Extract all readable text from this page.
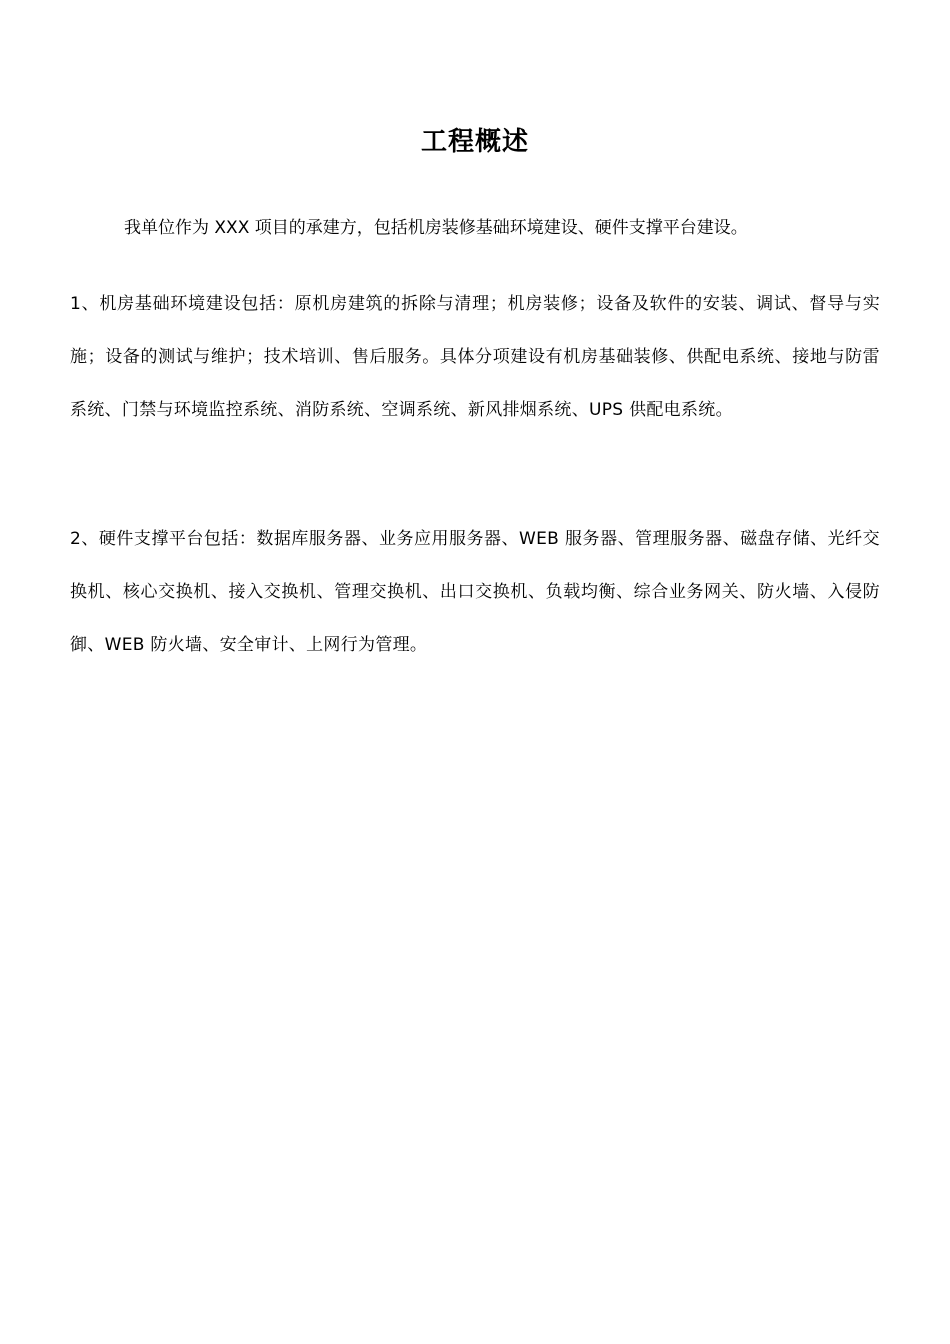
工程概述

我单位作为 XXX 项目的承建方，包括机房装修基础环境建设、硬件支撑平台建设。

1、机房基础环境建设包括：原机房建筑的拆除与清理；机房装修；设备及软件的安装、调试、督导与实施；设备的测试与维护；技术培训、售后服务。具体分项建设有机房基础装修、供配电系统、接地与防雷系统、门禁与环境监控系统、消防系统、空调系统、新风排烟系统、UPS 供配电系统。

2、硬件支撑平台包括：数据库服务器、业务应用服务器、WEB 服务器、管理服务器、磁盘存储、光纤交换机、核心交换机、接入交换机、管理交换机、出口交换机、负载均衡、综合业务网关、防火墙、入侵防御、WEB 防火墙、安全审计、上网行为管理。
